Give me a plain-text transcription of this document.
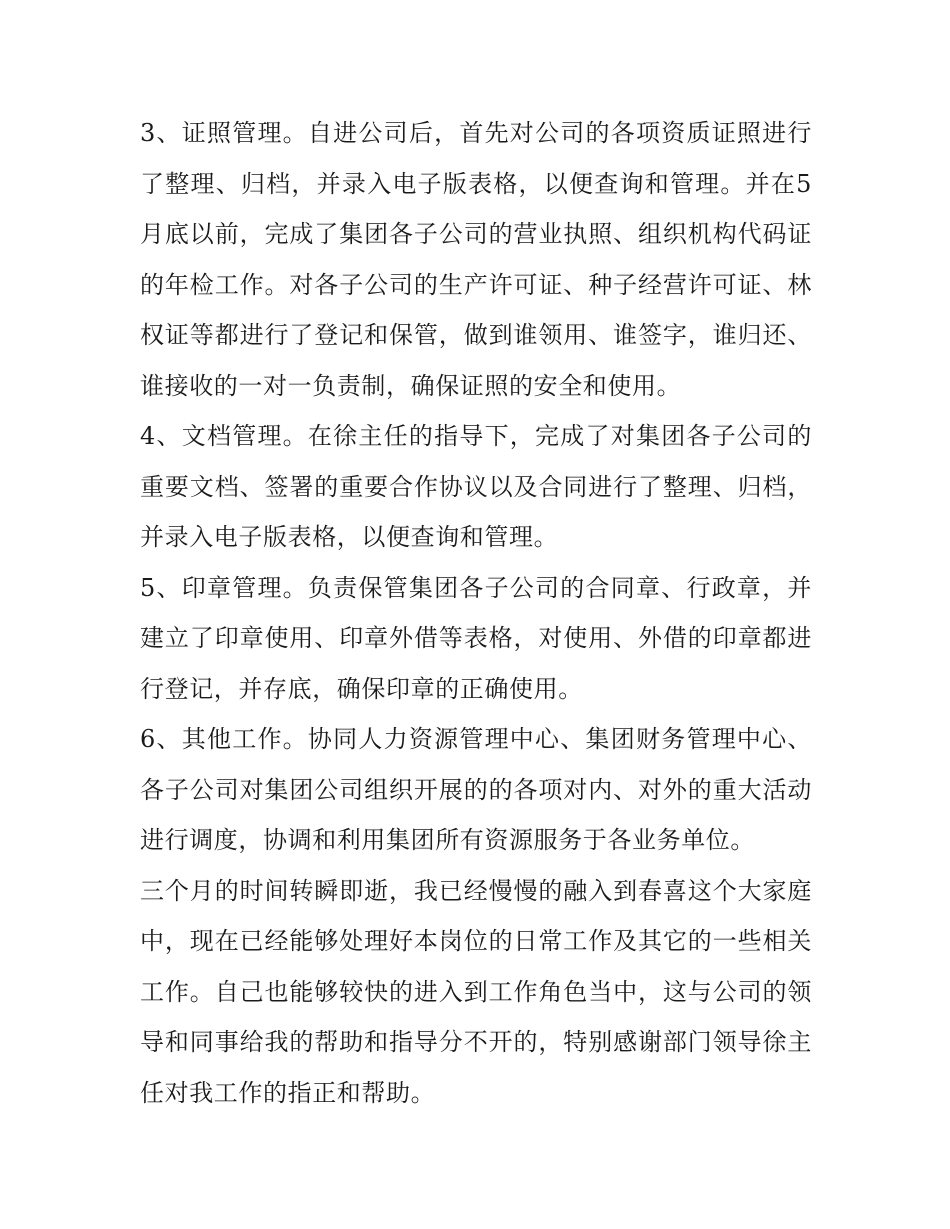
3、证照管理。自进公司后，首先对公司的各项资质证照进行了整理、归档，并录入电子版表格，以便查询和管理。并在5月底以前，完成了集团各子公司的营业执照、组织机构代码证的年检工作。对各子公司的生产许可证、种子经营许可证、林权证等都进行了登记和保管，做到谁领用、谁签字，谁归还、谁接收的一对一负责制，确保证照的安全和使用。

4、文档管理。在徐主任的指导下，完成了对集团各子公司的重要文档、签署的重要合作协议以及合同进行了整理、归档，并录入电子版表格，以便查询和管理。

5、印章管理。负责保管集团各子公司的合同章、行政章，并建立了印章使用、印章外借等表格，对使用、外借的印章都进行登记，并存底，确保印章的正确使用。

6、其他工作。协同人力资源管理中心、集团财务管理中心、各子公司对集团公司组织开展的的各项对内、对外的重大活动进行调度，协调和利用集团所有资源服务于各业务单位。

三个月的时间转瞬即逝，我已经慢慢的融入到春喜这个大家庭中，现在已经能够处理好本岗位的日常工作及其它的一些相关工作。自己也能够较快的进入到工作角色当中，这与公司的领导和同事给我的帮助和指导分不开的，特别感谢部门领导徐主任对我工作的指正和帮助。
